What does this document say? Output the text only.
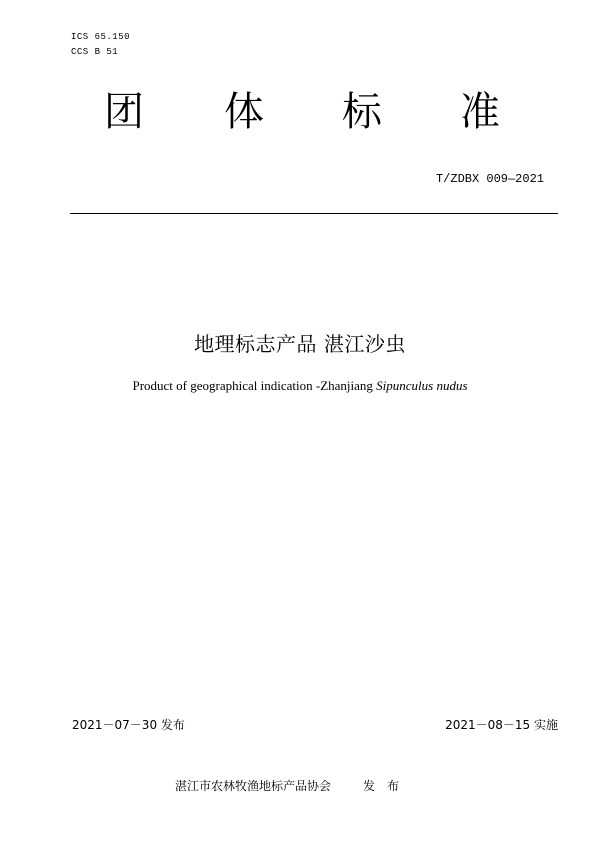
ICS 65.150
CCS B 51
团 体 标 准
T/ZDBX 009—2021
地理标志产品 湛江沙虫
Product of geographical indication -Zhanjiang Sipunculus nudus
2021－07－30 发布	2021－08－15 实施
湛江市农林牧渔地标产品协会	发布
